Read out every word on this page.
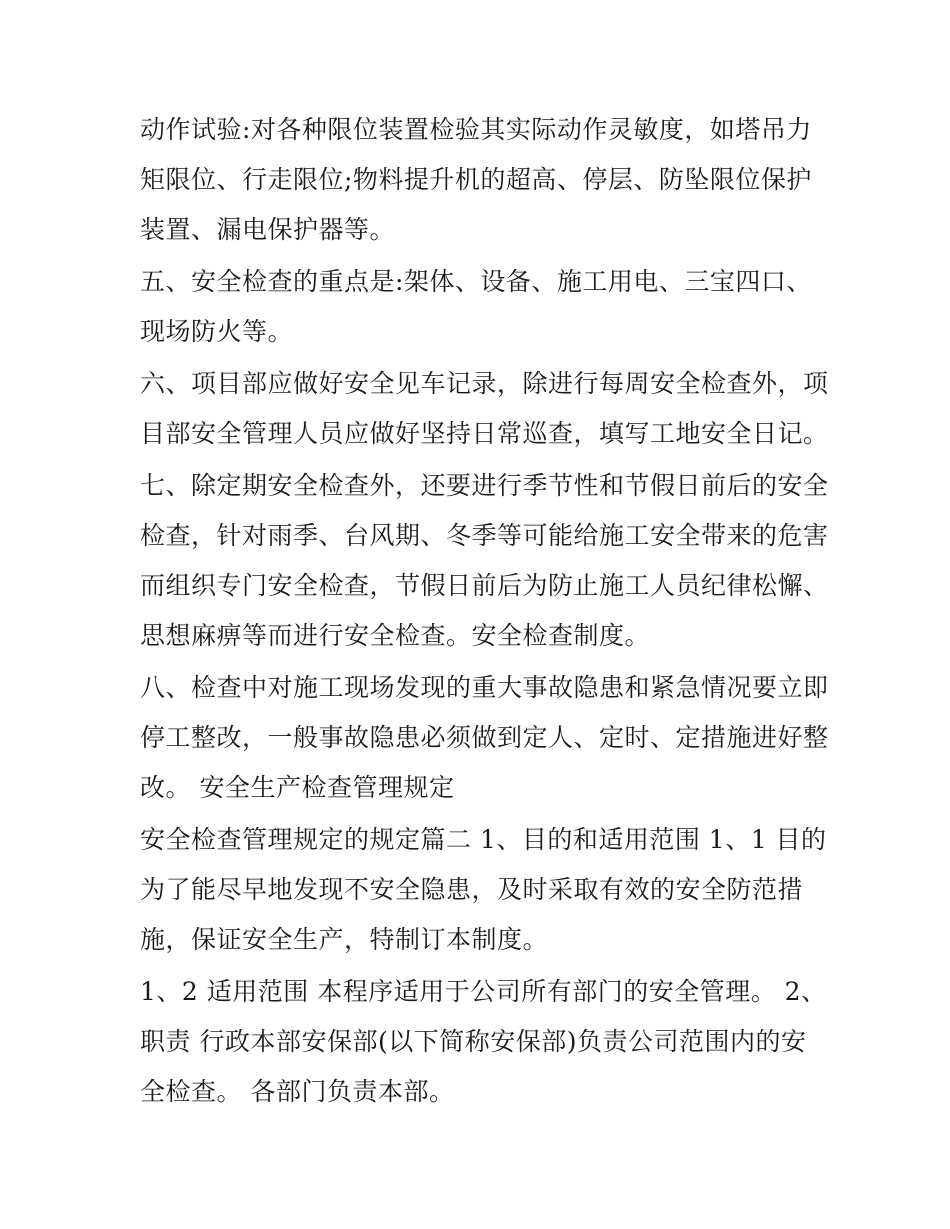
动作试验:对各种限位装置检验其实际动作灵敏度，如塔吊力
矩限位、行走限位;物料提升机的超高、停层、防坠限位保护
装置、漏电保护器等。
五、安全检查的重点是:架体、设备、施工用电、三宝四口、
现场防火等。
六、项目部应做好安全见车记录，除进行每周安全检查外，项
目部安全管理人员应做好坚持日常巡查，填写工地安全日记。
七、除定期安全检查外，还要进行季节性和节假日前后的安全
检查，针对雨季、台风期、冬季等可能给施工安全带来的危害
而组织专门安全检查，节假日前后为防止施工人员纪律松懈、
思想麻痹等而进行安全检查。安全检查制度。
八、检查中对施工现场发现的重大事故隐患和紧急情况要立即
停工整改，一般事故隐患必须做到定人、定时、定措施进好整
改。 安全生产检查管理规定
安全检查管理规定的规定篇二 1、目的和适用范围 1、1 目的
为了能尽早地发现不安全隐患，及时采取有效的安全防范措
施，保证安全生产，特制订本制度。
1、2 适用范围 本程序适用于公司所有部门的安全管理。 2、
职责 行政本部安保部(以下简称安保部)负责公司范围内的安
全检查。 各部门负责本部。
